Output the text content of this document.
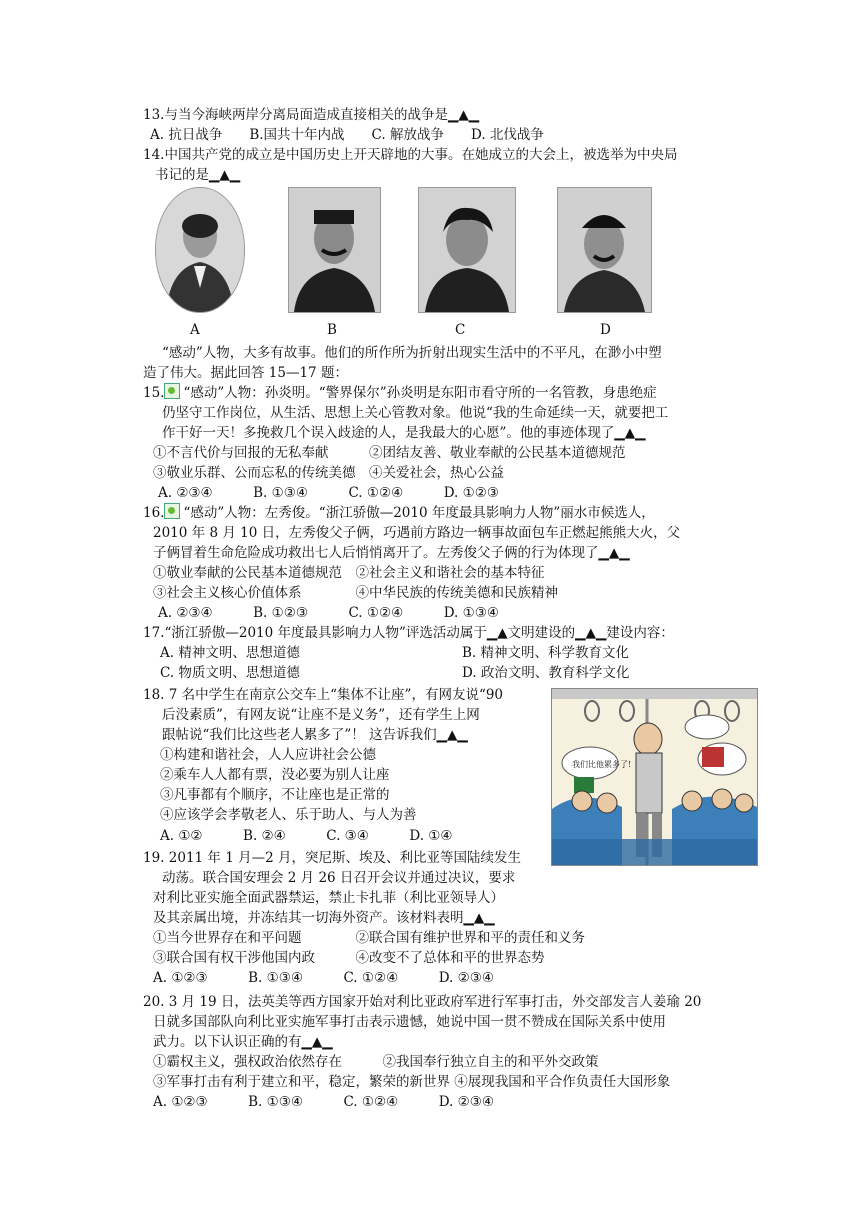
13.与当今海峡两岸分离局面造成直接相关的战争是▁▲▁
A. 抗日战争　　B.国共十年内战　　C. 解放战争　　D. 北伐战争
14.中国共产党的成立是中国历史上开天辟地的大事。在她成立的大会上，被选举为中央局
书记的是▁▲▁
A	B	C	D
“感动”人物，大多有故事。他们的所作所为折射出现实生活中的不平凡，在渺小中塑
造了伟大。据此回答 15—17 题：
15. “感动”人物：孙炎明。“警界保尔”孙炎明是东阳市看守所的一名管教，身患绝症
仍坚守工作岗位，从生活、思想上关心管教对象。他说“我的生命延续一天，就要把工
作干好一天！多挽救几个误入歧途的人，是我最大的心愿”。他的事迹体现了▁▲▁
①不言代价与回报的无私奉献　　　②团结友善、敬业奉献的公民基本道德规范
③敬业乐群、公而忘私的传统美德　④关爱社会，热心公益
A. ②③④　　　B. ①③④　　　C. ①②④　　　D. ①②③
16. “感动”人物：左秀俊。“浙江骄傲—2010 年度最具影响力人物”丽水市候选人，
2010 年 8 月 10 日，左秀俊父子俩，巧遇前方路边一辆事故面包车正燃起熊熊大火，父
子俩冒着生命危险成功救出七人后悄悄离开了。左秀俊父子俩的行为体现了▁▲▁
①敬业奉献的公民基本道德规范　②社会主义和谐社会的基本特征
③社会主义核心价值体系　　　　④中华民族的传统美德和民族精神
A. ②③④　　　B. ①②③　　　C. ①②④　　　D. ①③④
17.“浙江骄傲—2010 年度最具影响力人物”评选活动属于▁▲文明建设的▁▲▁建设内容：
A. 精神文明、思想道德	B. 精神文明、科学教育文化
C. 物质文明、思想道德	D. 政治文明、教育科学文化
18. 7 名中学生在南京公交车上“集体不让座”，有网友说“90
后没素质”，有网友说“让座不是义务”，还有学生上网
跟帖说“我们比这些老人累多了”！ 这告诉我们▁▲▁
①构建和谐社会，人人应讲社会公德
②乘车人人都有票，没必要为别人让座
③凡事都有个顺序，不让座也是正常的
④应该学会孝敬老人、乐于助人、与人为善
A. ①②　　　B. ②④　　　C. ③④　　　D. ①④
我们比他累多了!
19. 2011 年 1 月—2 月，突尼斯、埃及、利比亚等国陆续发生
动荡。联合国安理会 2 月 26 日召开会议并通过决议，要求
对利比亚实施全面武器禁运，禁止卡扎菲（利比亚领导人）
及其亲属出境，并冻结其一切海外资产。该材料表明▁▲▁
①当今世界存在和平问题　　　　②联合国有维护世界和平的责任和义务
③联合国有权干涉他国内政　　　④改变不了总体和平的世界态势
A. ①②③　　　B. ①③④　　　C. ①②④　　　D. ②③④
20. 3 月 19 日，法英美等西方国家开始对利比亚政府军进行军事打击，外交部发言人姜瑜 20
日就多国部队向利比亚实施军事打击表示遗憾，她说中国一贯不赞成在国际关系中使用
武力。以下认识正确的有▁▲▁
①霸权主义，强权政治依然存在　　　②我国奉行独立自主的和平外交政策
③军事打击有利于建立和平，稳定，繁荣的新世界 ④展现我国和平合作负责任大国形象
A. ①②③　　　B. ①③④　　　C. ①②④　　　D. ②③④
